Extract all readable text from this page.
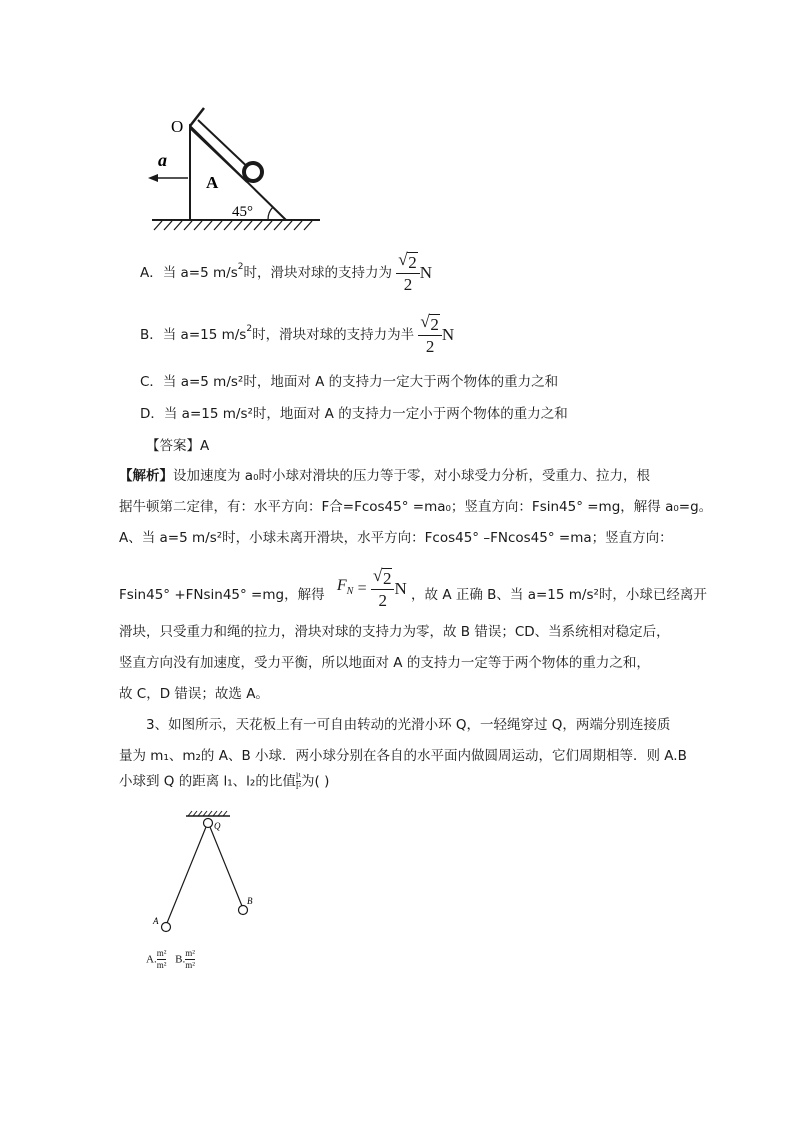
O
a
A
45°
A．当 a=5 $m/s^2$时，滑块对球的支持力为 $\frac{√ 2}{2}$ N
B．当 a=15 $m/s^2$时，滑块对球的支持力为半 $\frac{√ 2}{2}$ N
C．当 a=5 m/s²时，地面对 A 的支持力一定大于两个物体的重力之和
D．当 a=15 m/s²时，地面对 A 的支持力一定小于两个物体的重力之和
【答案】A
【解析】设加速度为 a₀时小球对滑块的压力等于零，对小球受力分析，受重力、拉力，根
据牛顿第二定律，有：水平方向：F合=Fcos45° =ma₀；竖直方向：Fsin45° =mg，解得 a₀=g。
A、当 a=5 m/s²时，小球未离开滑块，水平方向：Fcos45° –FNcos45° =ma；竖直方向：
Fsin45° +FNsin45° =mg，解得 $F_N = \frac{√ 2}{2}$ N ，故 A 正确 B、当 a=15 m/s²时，小球已经离开
滑块，只受重力和绳的拉力，滑块对球的支持力为零，故 B 错误；CD、当系统相对稳定后，
竖直方向没有加速度，受力平衡，所以地面对 A 的支持力一定等于两个物体的重力之和，
故 C，D 错误；故选 A。
3、如图所示，天花板上有一可自由转动的光滑小环 Q，一轻绳穿过 Q，两端分别连接质
量为 m₁、m₂的 A、B 小球．两小球分别在各自的水平面内做圆周运动，它们周期相等．则 A.B
小球到 Q 的距离 l₁、l₂的比值 $\frac{\text{l¹}}{\text{l²}}$ 为( )
Q
A
B
A. $\frac{\text{m²}}{\text{m²}} B$. $\frac{\text{m²}}{\text{m²}}$
